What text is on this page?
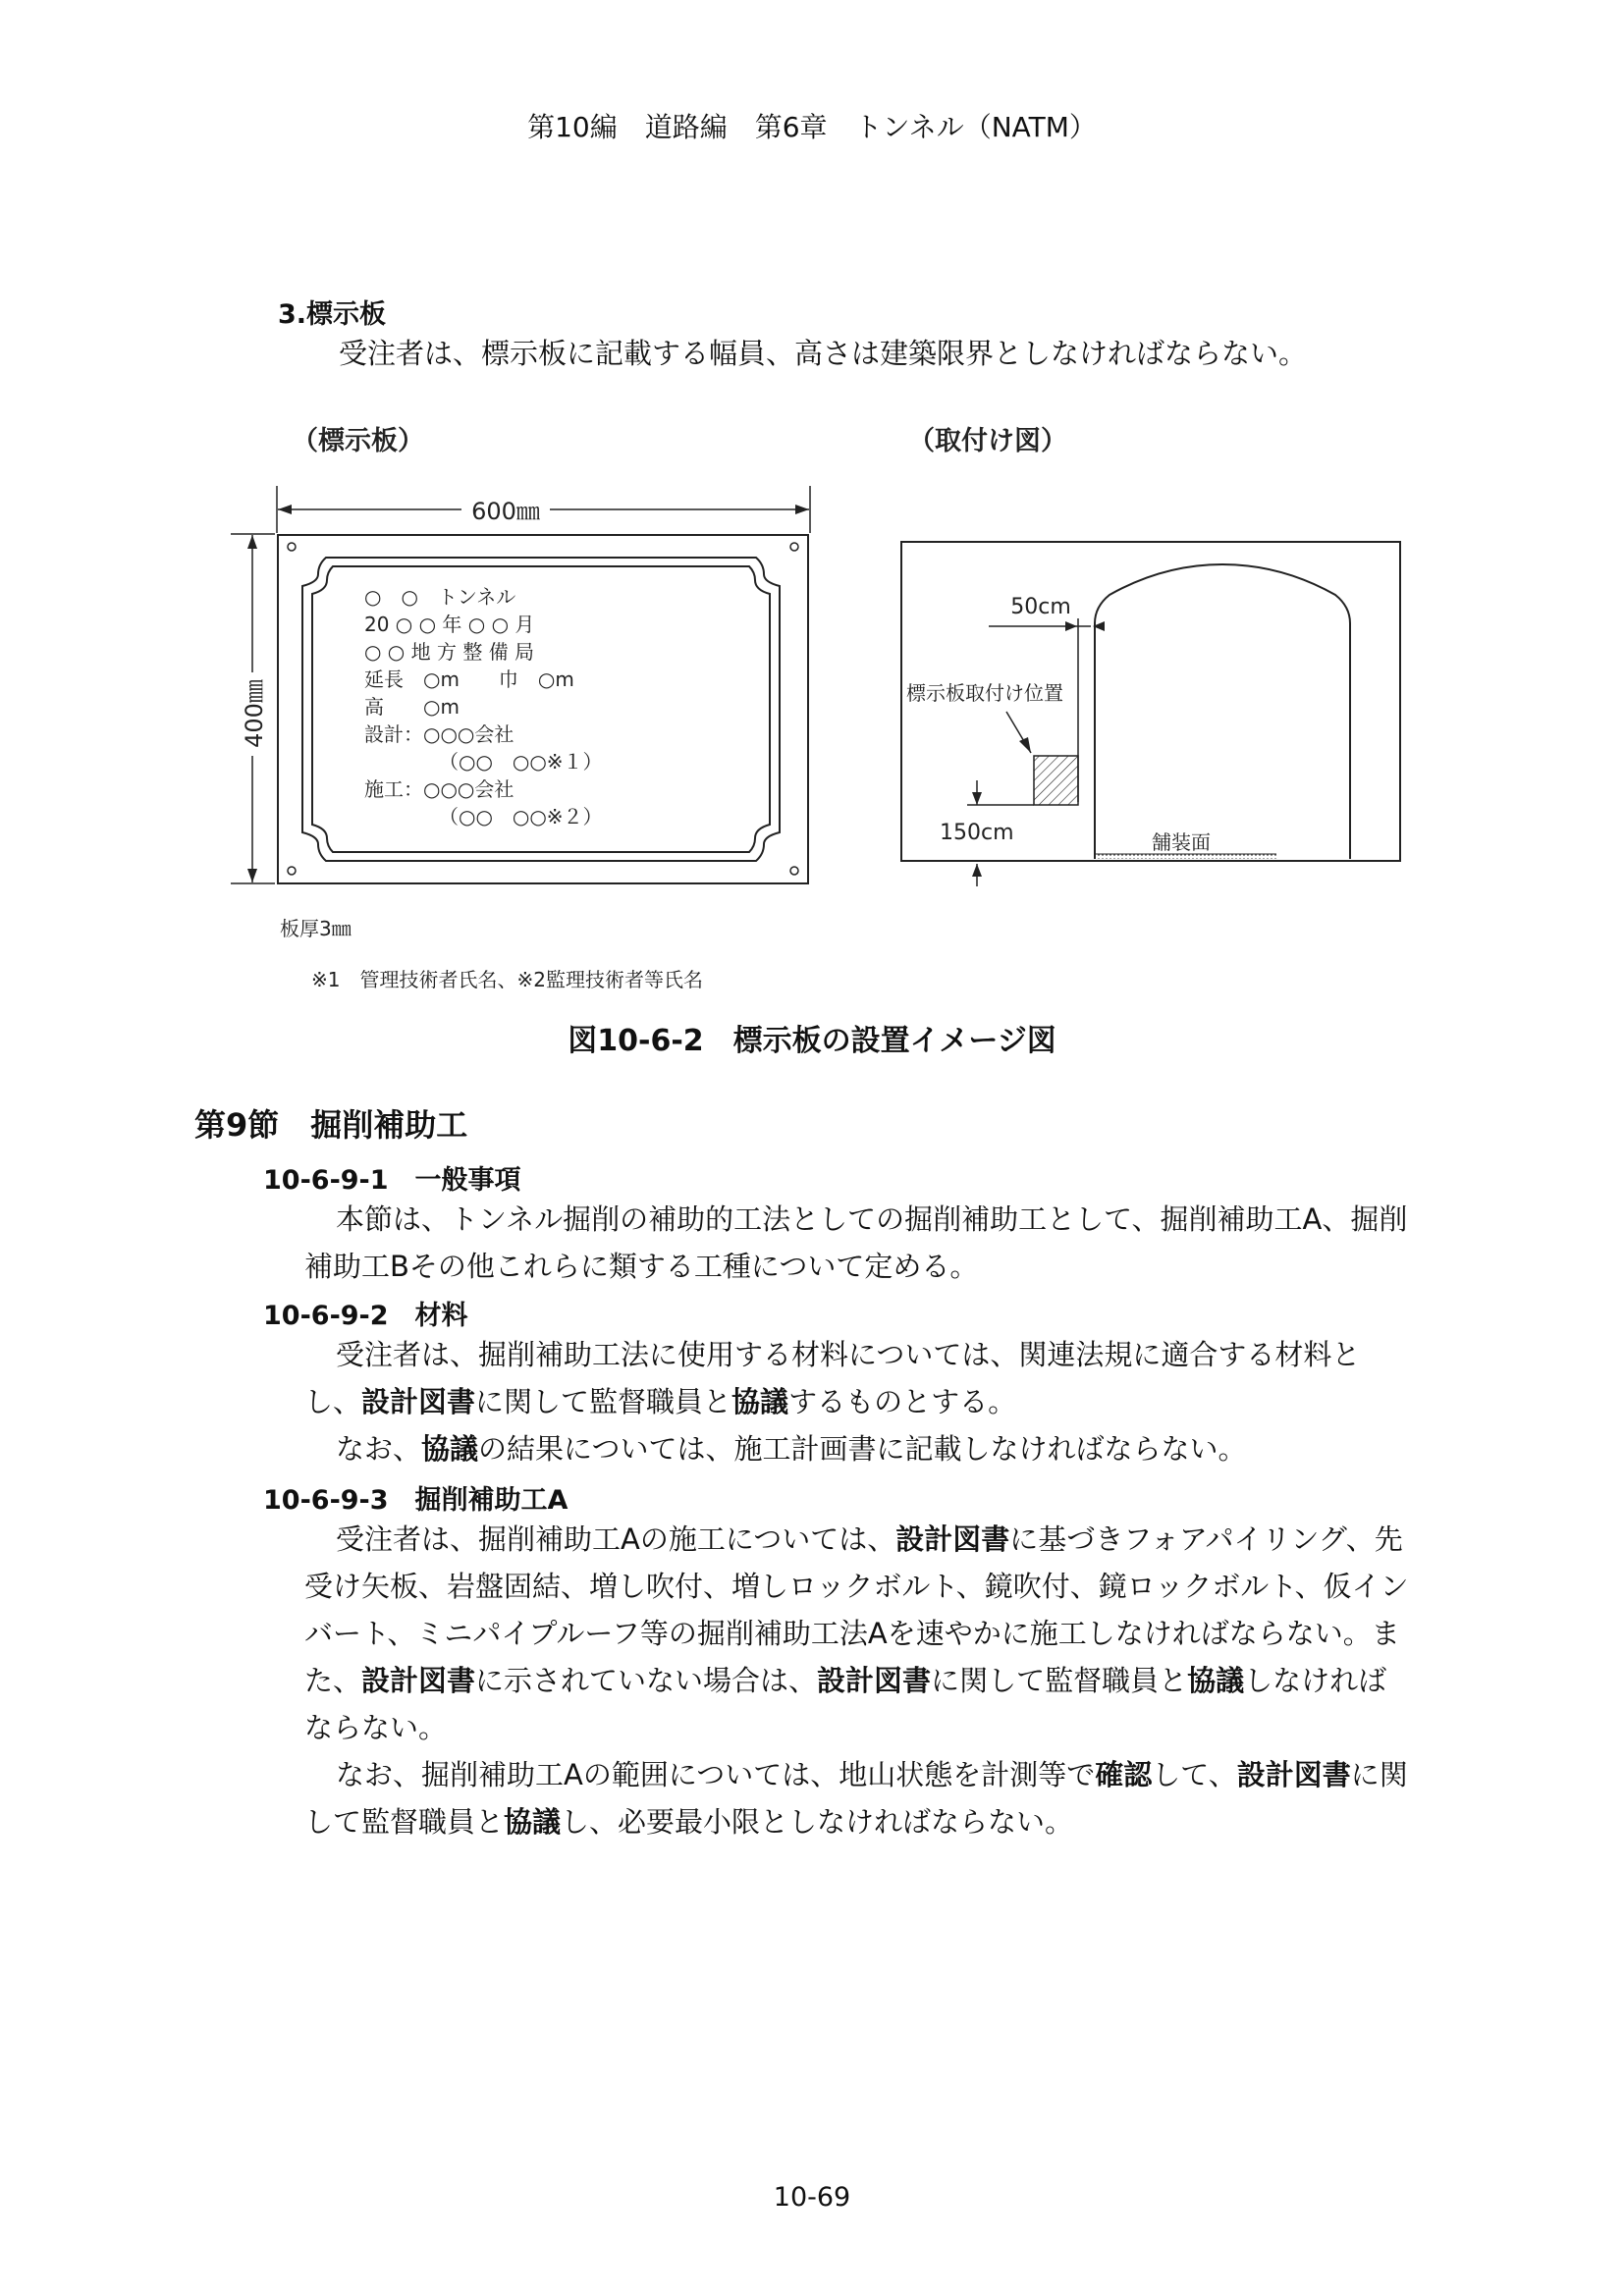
第10編　道路編　第6章　トンネル（NATM）
3.標示板
受注者は、標示板に記載する幅員、高さは建築限界としなければならない。
（標示板）	（取付け図）
600㎜
400㎜
○　○　トンネル
20 ○ ○ 年 ○ ○ 月
○ ○ 地 方 整 備 局
延長　○m　　巾　○m
高　　○m
設計：○○○会社
（○○　○○※１）
施工：○○○会社
（○○　○○※２）
板厚3㎜
※1　管理技術者氏名、※2監理技術者等氏名
舗装面
50cm
標示板取付け位置
150cm
図10-6-2　標示板の設置イメージ図
第9節　掘削補助工
10-6-9-1　一般事項
本節は、トンネル掘削の補助的工法としての掘削補助工として、掘削補助工A、掘削補助工Bその他これらに類する工種について定める。
10-6-9-2　材料
受注者は、掘削補助工法に使用する材料については、関連法規に適合する材料とし、設計図書に関して監督職員と協議するものとする。
なお、協議の結果については、施工計画書に記載しなければならない。
10-6-9-3　掘削補助工A
受注者は、掘削補助工Aの施工については、設計図書に基づきフォアパイリング、先受け矢板、岩盤固結、増し吹付、増しロックボルト、鏡吹付、鏡ロックボルト、仮インバート、ミニパイプルーフ等の掘削補助工法Aを速やかに施工しなければならない。また、設計図書に示されていない場合は、設計図書に関して監督職員と協議しなければならない。
なお、掘削補助工Aの範囲については、地山状態を計測等で確認して、設計図書に関して監督職員と協議し、必要最小限としなければならない。
10-69
